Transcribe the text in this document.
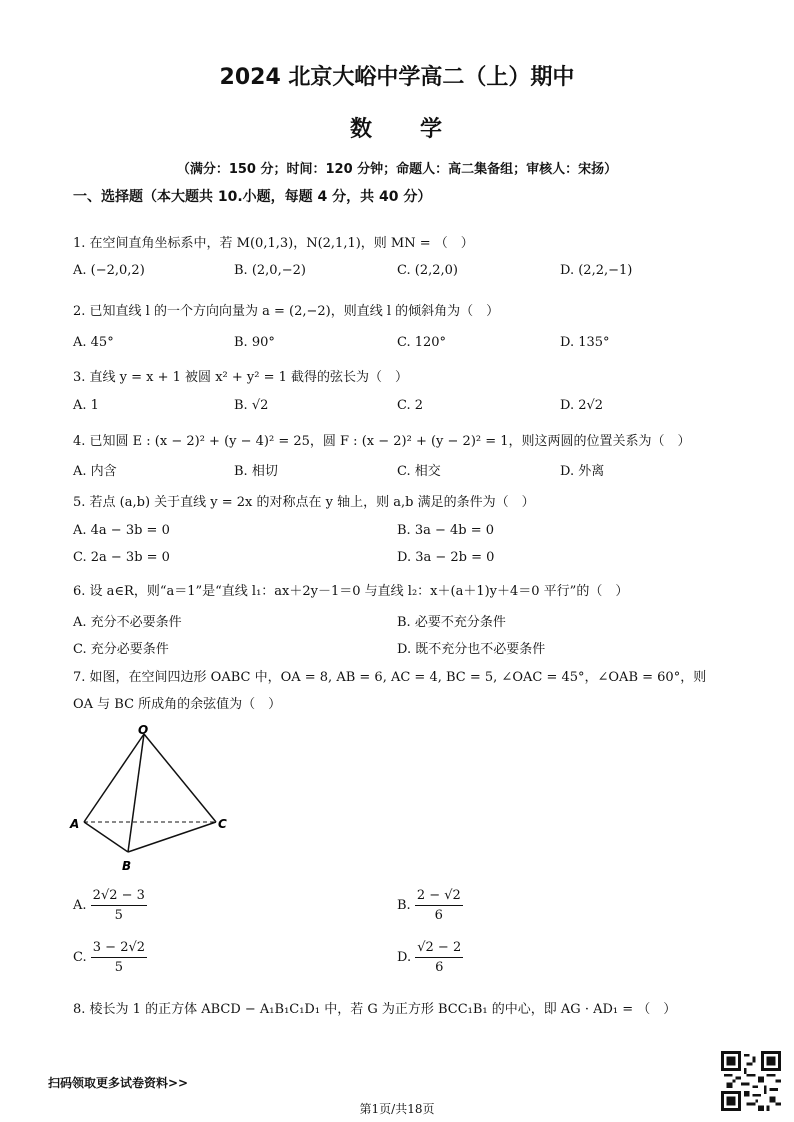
2024 北京大峪中学高二（上）期中
数 学
（满分：150 分；时间：120 分钟；命题人：高二集备组；审核人：宋扬）
一、选择题（本大题共 10.小题，每题 4 分，共 40 分）
1. 在空间直角坐标系中，若 M(0,1,3)，N(2,1,1)，则 MN = （　）
A. (−2,0,2)	B. (2,0,−2)	C. (2,2,0)	D. (2,2,−1)
2. 已知直线 l 的一个方向向量为 a = (2,−2)，则直线 l 的倾斜角为（　）
A. 45°	B. 90°	C. 120°	D. 135°
3. 直线 y = x + 1 被圆 x² + y² = 1 截得的弦长为（　）
A. 1	B. √2	C. 2	D. 2√2
4. 已知圆 E : (x − 2)² + (y − 4)² = 25，圆 F : (x − 2)² + (y − 2)² = 1，则这两圆的位置关系为（　）
A. 内含	B. 相切	C. 相交	D. 外离
5. 若点 (a,b) 关于直线 y = 2x 的对称点在 y 轴上，则 a,b 满足的条件为（　）
A. 4a − 3b = 0	B. 3a − 4b = 0
C. 2a − 3b = 0	D. 3a − 2b = 0
6. 设 a∈R，则“a＝1”是“直线 l₁：ax＋2y－1＝0 与直线 l₂：x＋(a＋1)y＋4＝0 平行”的（　）
A. 充分不必要条件	B. 必要不充分条件
C. 充分必要条件	D. 既不充分也不必要条件
7. 如图，在空间四边形 OABC 中，OA = 8, AB = 6, AC = 4, BC = 5, ∠OAC = 45°，∠OAB = 60°，则
OA 与 BC 所成角的余弦值为（　）
O
A
B
C
A. $\frac{2√2 - 3}{5}$	B. $\frac{2 - √2}{6}$
C. $\frac{3 - 2√2}{5}$	D. $\frac{√2 - 2}{6}$
8. 棱长为 1 的正方体 ABCD − A₁B₁C₁D₁ 中，若 G 为正方形 BCC₁B₁ 的中心，即 AG · AD₁ = （　）
扫码领取更多试卷资料>>
第1页/共18页
